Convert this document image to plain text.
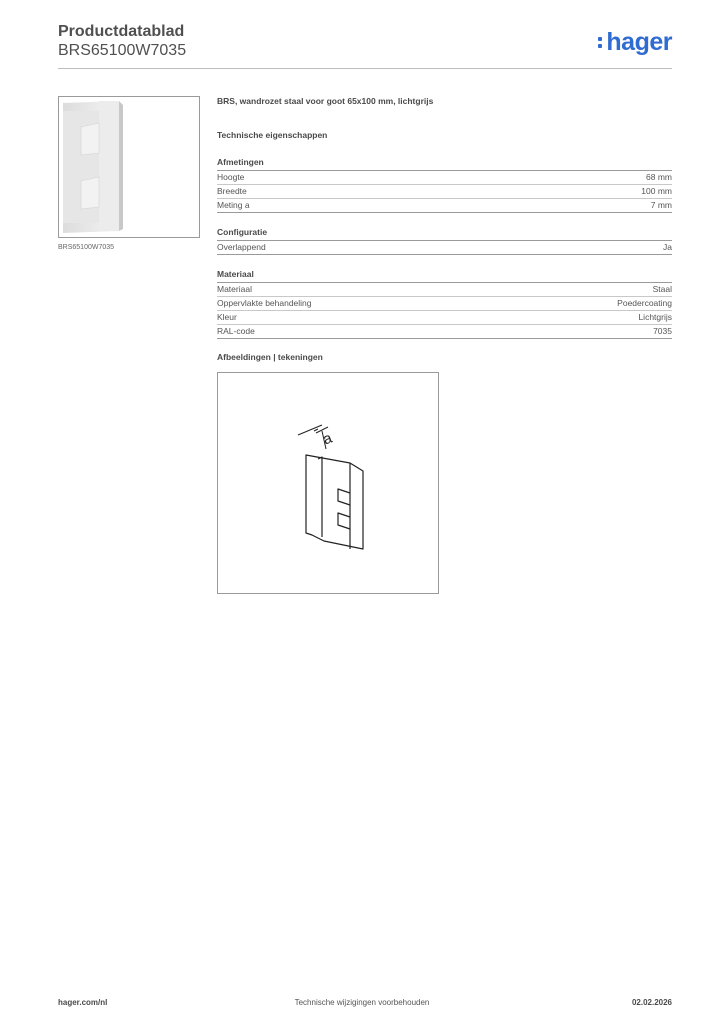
Productdatablad
BRS65100W7035	hager
BRS65100W7035
BRS, wandrozet staal voor goot 65x100 mm, lichtgrijs
Technische eigenschappen
Afmetingen
Hoogte	68 mm
Breedte	100 mm
Meting a	7 mm
Configuratie
Overlappend	Ja
Materiaal
Materiaal	Staal
Oppervlakte behandeling	Poedercoating
Kleur	Lichtgrijs
RAL-code	7035
Afbeeldingen | tekeningen
a
hager.com/nl	Technische wijzigingen voorbehouden	02.02.2026
